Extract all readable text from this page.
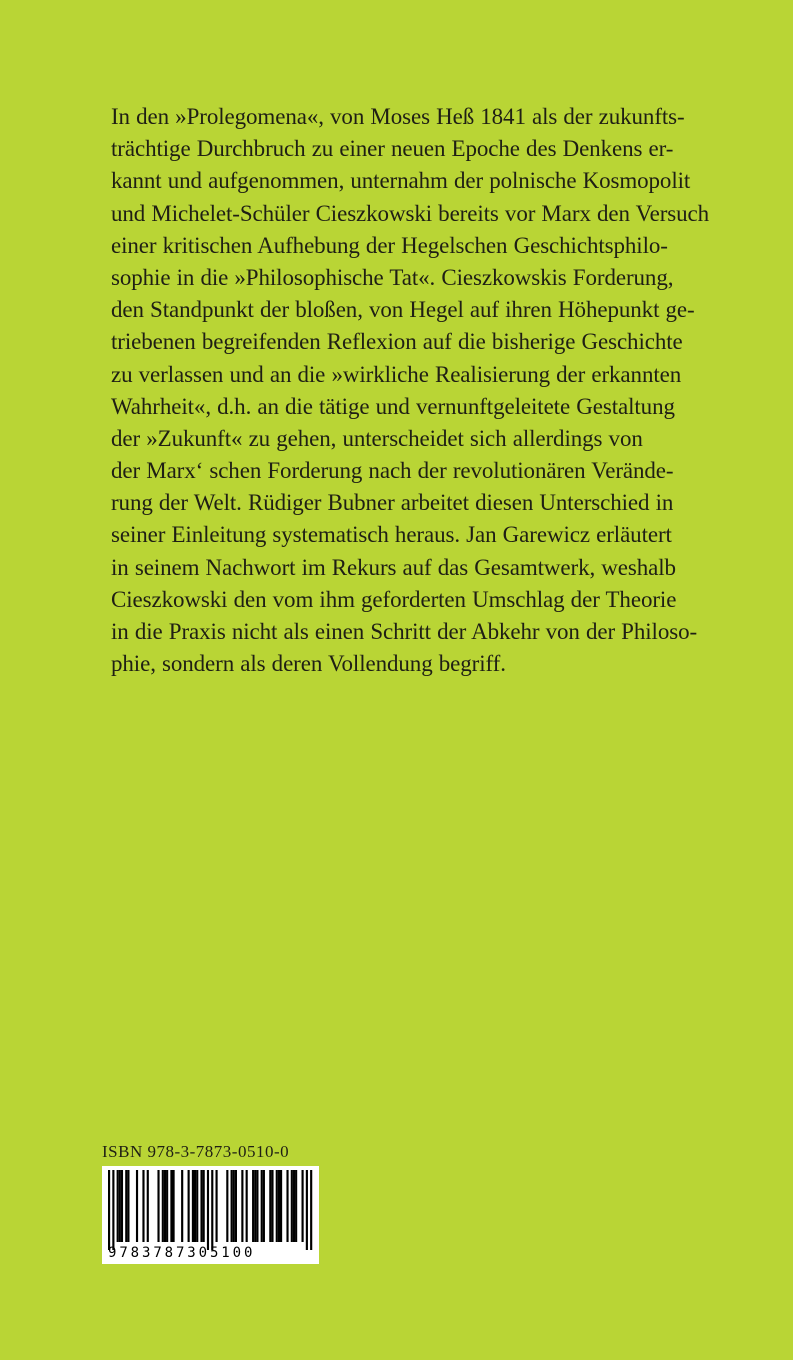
In den »Prolegomena«, von Moses Heß 1841 als der zukunfts-
trächtige Durchbruch zu einer neuen Epoche des Denkens er-
kannt und aufgenommen, unternahm der polnische Kosmopolit
und Michelet-Schüler Cieszkowski bereits vor Marx den Versuch
einer kritischen Aufhebung der Hegelschen Geschichtsphilo-
sophie in die »Philosophische Tat«. Cieszkowskis Forderung,
den Standpunkt der bloßen, von Hegel auf ihren Höhepunkt ge-
triebenen begreifenden Reflexion auf die bisherige Geschichte
zu verlassen und an die »wirkliche Realisierung der erkannten
Wahrheit«, d.h. an die tätige und vernunftgeleitete Gestaltung
der »Zukunft« zu gehen, unterscheidet sich allerdings von
der Marx‘ schen Forderung nach der revolutionären Verände-
rung der Welt. Rüdiger Bubner arbeitet diesen Unterschied in
seiner Einleitung systematisch heraus. Jan Garewicz erläutert
in seinem Nachwort im Rekurs auf das Gesamtwerk, weshalb
Cieszkowski den vom ihm geforderten Umschlag der Theorie
in die Praxis nicht als einen Schritt der Abkehr von der Philoso-
phie, sondern als deren Vollendung begriff.
ISBN 978-3-7873-0510-0
9783787305100
